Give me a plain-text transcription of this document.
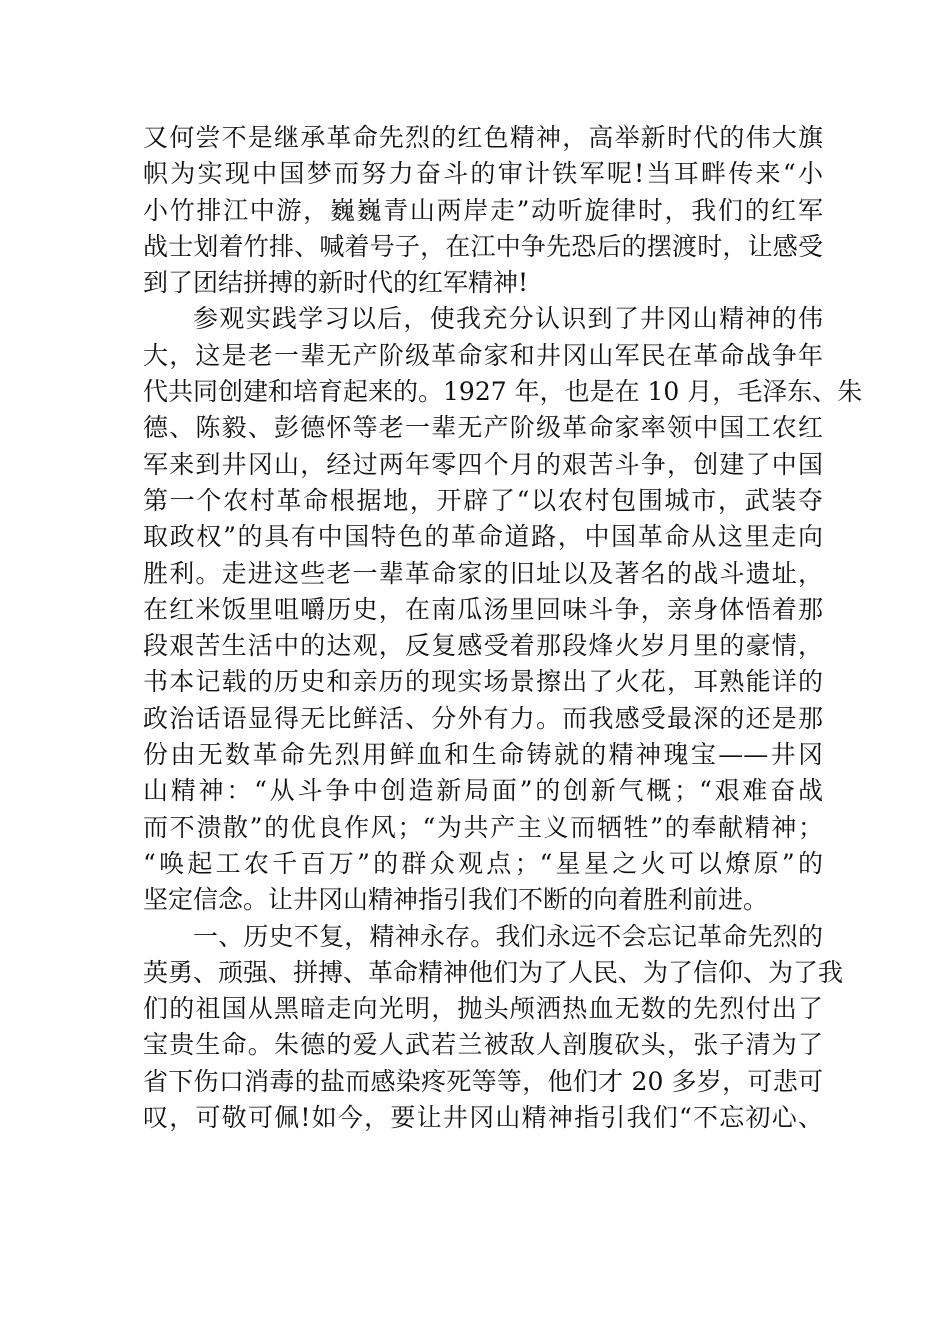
又何尝不是继承革命先烈的红色精神，高举新时代的伟大旗
帜为实现中国梦而努力奋斗的审计铁军呢!当耳畔传来“小
小竹排江中游，巍巍青山两岸走”动听旋律时，我们的红军
战士划着竹排、喊着号子，在江中争先恐后的摆渡时，让感受
到了团结拼搏的新时代的红军精神!
参观实践学习以后，使我充分认识到了井冈山精神的伟
大，这是老一辈无产阶级革命家和井冈山军民在革命战争年
代共同创建和培育起来的。1927 年，也是在 10 月，毛泽东、朱
德、陈毅、彭德怀等老一辈无产阶级革命家率领中国工农红
军来到井冈山，经过两年零四个月的艰苦斗争，创建了中国
第一个农村革命根据地，开辟了“以农村包围城市，武装夺
取政权”的具有中国特色的革命道路，中国革命从这里走向
胜利。走进这些老一辈革命家的旧址以及著名的战斗遗址，
在红米饭里咀嚼历史，在南瓜汤里回味斗争，亲身体悟着那
段艰苦生活中的达观，反复感受着那段烽火岁月里的豪情，
书本记载的历史和亲历的现实场景擦出了火花，耳熟能详的
政治话语显得无比鲜活、分外有力。而我感受最深的还是那
份由无数革命先烈用鲜血和生命铸就的精神瑰宝——井冈
山精神：“从斗争中创造新局面”的创新气概；“艰难奋战
而不溃散”的优良作风；“为共产主义而牺牲”的奉献精神；
“唤起工农千百万”的群众观点；“星星之火可以燎原”的
坚定信念。让井冈山精神指引我们不断的向着胜利前进。
一、历史不复，精神永存。我们永远不会忘记革命先烈的
英勇、顽强、拼搏、革命精神他们为了人民、为了信仰、为了我
们的祖国从黑暗走向光明，抛头颅洒热血无数的先烈付出了
宝贵生命。朱德的爱人武若兰被敌人剖腹砍头，张子清为了
省下伤口消毒的盐而感染疼死等等，他们才 20 多岁，可悲可
叹，可敬可佩!如今，要让井冈山精神指引我们“不忘初心、
